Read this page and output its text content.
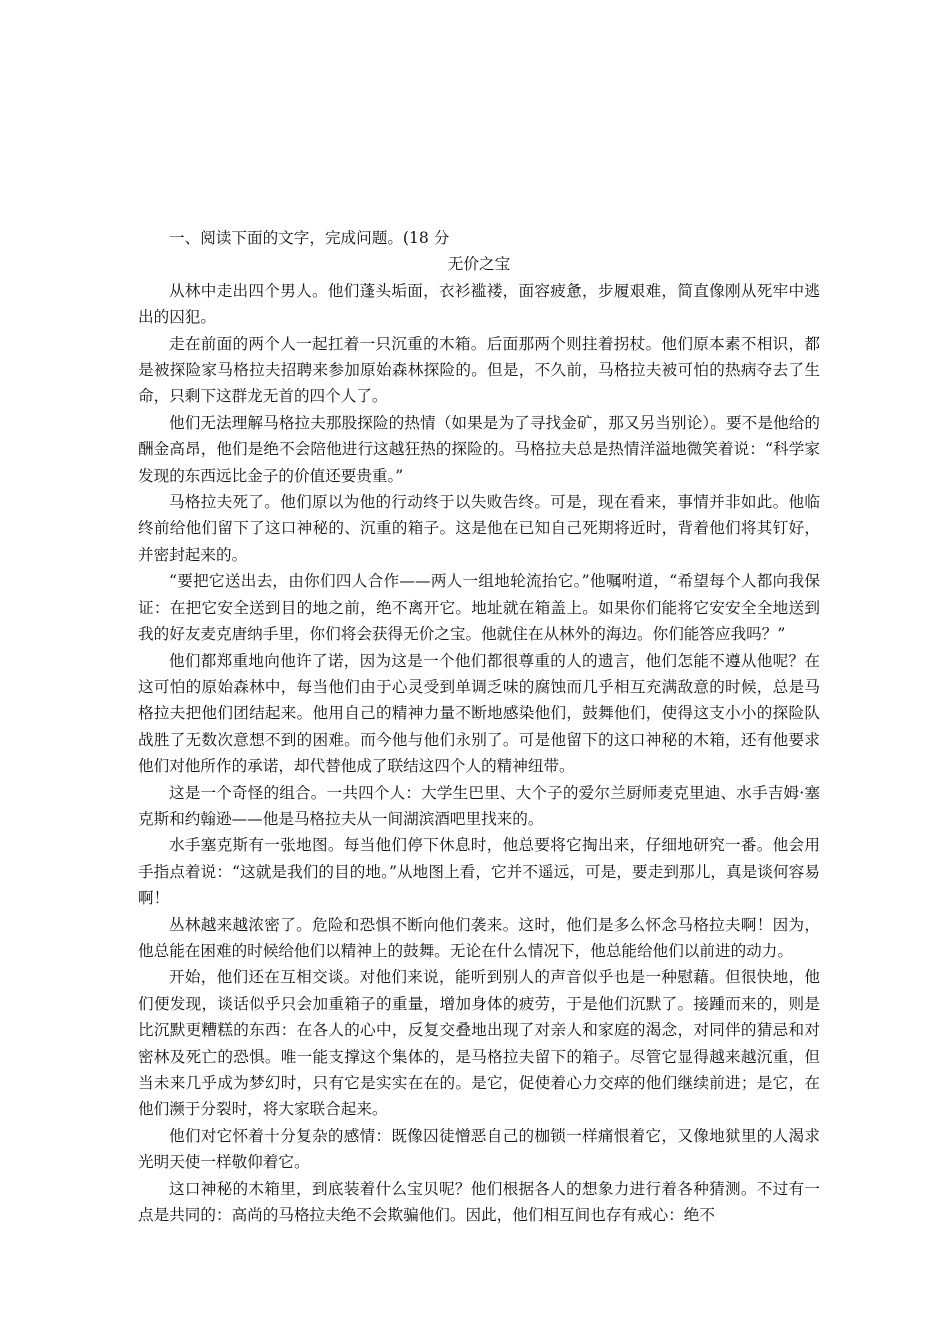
一、阅读下面的文字，完成问题。(18 分

无价之宝

从林中走出四个男人。他们蓬头垢面，衣衫褴褛，面容疲惫，步履艰难，简直像刚从死牢中逃出的囚犯。

走在前面的两个人一起扛着一只沉重的木箱。后面那两个则拄着拐杖。他们原本素不相识，都是被探险家马格拉夫招聘来参加原始森林探险的。但是，不久前，马格拉夫被可怕的热病夺去了生命，只剩下这群龙无首的四个人了。

他们无法理解马格拉夫那股探险的热情（如果是为了寻找金矿，那又另当别论）。要不是他给的酬金高昂，他们是绝不会陪他进行这越狂热的探险的。马格拉夫总是热情洋溢地微笑着说：“科学家发现的东西远比金子的价值还要贵重。”

马格拉夫死了。他们原以为他的行动终于以失败告终。可是，现在看来，事情并非如此。他临终前给他们留下了这口神秘的、沉重的箱子。这是他在已知自己死期将近时，背着他们将其钉好，并密封起来的。

“要把它送出去，由你们四人合作——两人一组地轮流抬它。”他嘱咐道，“希望每个人都向我保证：在把它安全送到目的地之前，绝不离开它。地址就在箱盖上。如果你们能将它安安全全地送到我的好友麦克唐纳手里，你们将会获得无价之宝。他就住在从林外的海边。你们能答应我吗？”

他们都郑重地向他许了诺，因为这是一个他们都很尊重的人的遗言，他们怎能不遵从他呢？在这可怕的原始森林中，每当他们由于心灵受到单调乏味的腐蚀而几乎相互充满敌意的时候，总是马格拉夫把他们团结起来。他用自己的精神力量不断地感染他们，鼓舞他们，使得这支小小的探险队战胜了无数次意想不到的困难。而今他与他们永别了。可是他留下的这口神秘的木箱，还有他要求他们对他所作的承诺，却代替他成了联结这四个人的精神纽带。

这是一个奇怪的组合。一共四个人：大学生巴里、大个子的爱尔兰厨师麦克里迪、水手吉姆·塞克斯和约翰逊——他是马格拉夫从一间湖滨酒吧里找来的。

水手塞克斯有一张地图。每当他们停下休息时，他总要将它掏出来，仔细地研究一番。他会用手指点着说：“这就是我们的目的地。”从地图上看，它并不遥远，可是，要走到那儿，真是谈何容易啊！

丛林越来越浓密了。危险和恐惧不断向他们袭来。这时，他们是多么怀念马格拉夫啊！因为，他总能在困难的时候给他们以精神上的鼓舞。无论在什么情况下，他总能给他们以前进的动力。

开始，他们还在互相交谈。对他们来说，能听到别人的声音似乎也是一种慰藉。但很快地，他们便发现，谈话似乎只会加重箱子的重量，增加身体的疲劳，于是他们沉默了。接踵而来的，则是比沉默更糟糕的东西：在各人的心中，反复交叠地出现了对亲人和家庭的渴念，对同伴的猜忌和对密林及死亡的恐惧。唯一能支撑这个集体的，是马格拉夫留下的箱子。尽管它显得越来越沉重，但当未来几乎成为梦幻时，只有它是实实在在的。是它，促使着心力交瘁的他们继续前进；是它，在他们濒于分裂时，将大家联合起来。

他们对它怀着十分复杂的感情：既像囚徒憎恶自己的枷锁一样痛恨着它，又像地狱里的人渴求光明天使一样敬仰着它。

这口神秘的木箱里，到底装着什么宝贝呢？他们根据各人的想象力进行着各种猜测。不过有一点是共同的：高尚的马格拉夫绝不会欺骗他们。因此，他们相互间也存有戒心：绝不
